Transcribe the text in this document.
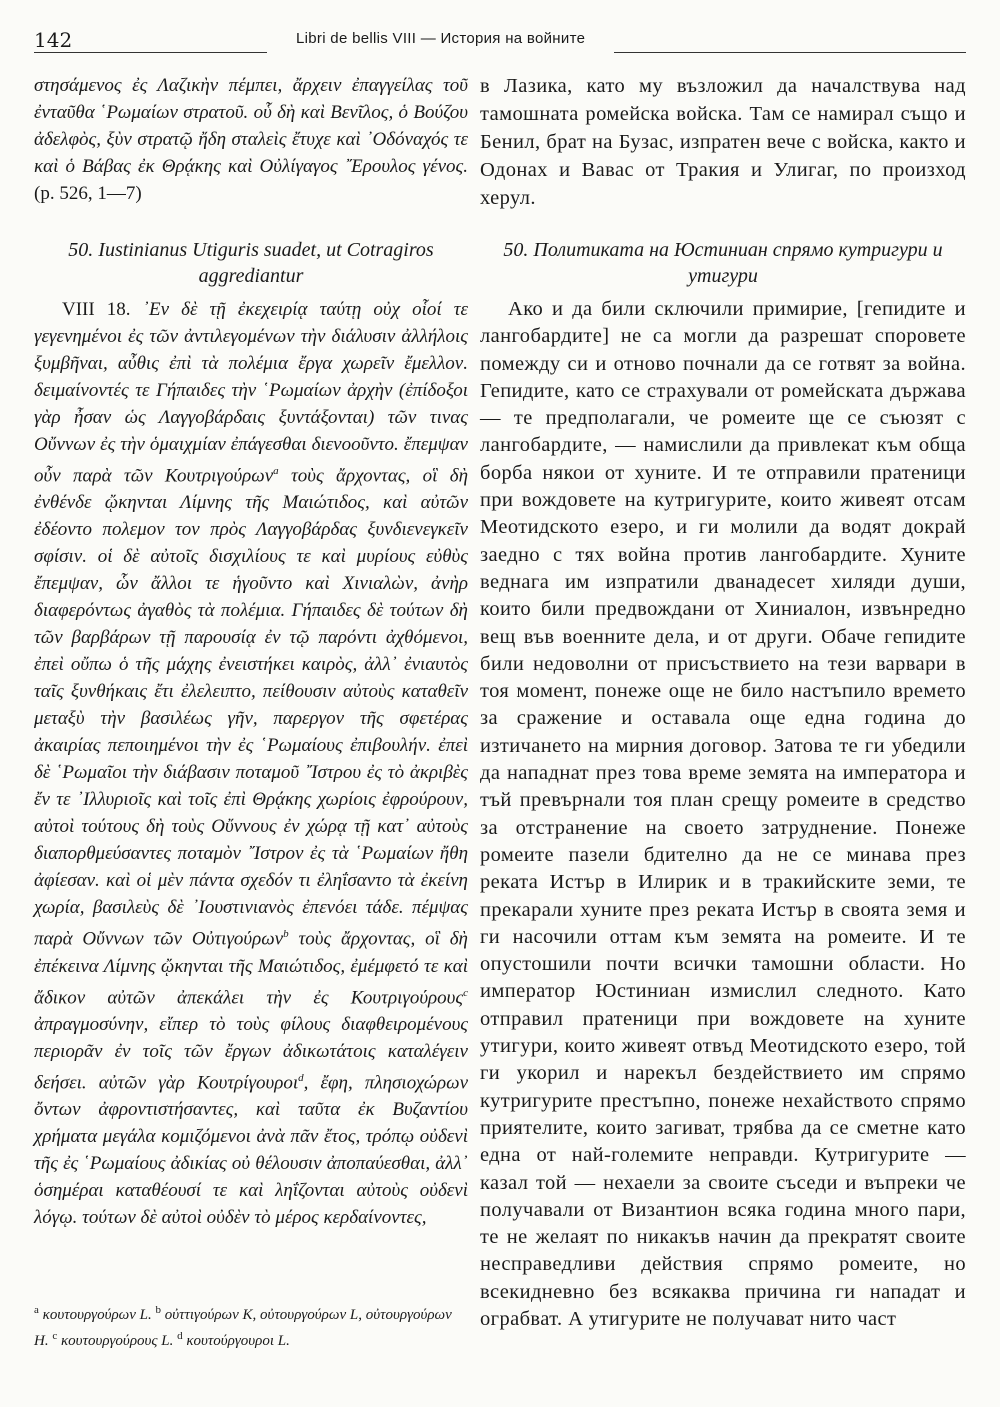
142	Libri de bellis VIII — История на войните

στησάμενος ἐς Λαζικὴν πέμπει, ἄρχειν ἐπαγγείλας τοῦ ἐνταῦθα ῾Ρωμαίων στρατοῦ. οὗ δὴ καὶ Βενῖλος, ὁ Βούζου ἀδελφὸς, ξὺν στρατῷ ἤδη σταλεὶς ἔτυχε καὶ ᾿Οδόναχός τε καὶ ὁ Βάβας ἐκ Θρᾴκης καὶ Οὐλίγαγος ῎Ερουλος γένος. (p. 526, 1—7)

в Лазика, като му възложил да началствува над тамошната ромейска войска. Там се намирал също и Бенил, брат на Бузас, изпратен вече с войска, както и Одонах и Вавас от Тракия и Улигаг, по произход херул.

50. Iustinianus Utiguris suadet, ut Cotragiros aggrediantur

50. Политиката на Юстиниан спрямо кутригури и утигури

VIII 18. ᾿Εν δὲ τῇ ἐκεχειρίᾳ ταύτῃ οὐχ οἷοί τε γεγενημένοι ἐς τῶν ἀντιλεγομένων τὴν διάλυσιν ἀλλήλοις ξυμβῆναι, αὖθις ἐπὶ τὰ πολέμια ἔργα χωρεῖν ἔμελλον. δειμαίνοντές τε Γήπαιδες τὴν ῾Ρωμαίων ἀρχὴν (ἐπίδοξοι γὰρ ἦσαν ὡς Λαγγοβάρδαις ξυντάξονται) τῶν τινας Οὔννων ἐς τὴν ὁμαιχμίαν ἐπάγεσθαι διενοοῦντο. ἔπεμψαν οὖν παρὰ τῶν Κουτριγούρων$^a$ τοὺς ἄρχοντας, οἳ δὴ ἐνθένδε ᾤκηνται Λίμνης τῆς Μαιώτιδος, καὶ αὐτῶν ἐδέοντο πολεμον τον πρὸς Λαγγοβάρδας ξυνδιενεγκεῖν σφίσιν. οἱ δὲ αὐτοῖς δισχιλίους τε καὶ μυρίους εὐθὺς ἔπεμψαν, ὧν ἄλλοι τε ἡγοῦντο καὶ Χινιαλὼν, ἀνὴρ διαφερόντως ἀγαθὸς τὰ πολέμια. Γήπαιδες δὲ τούτων δὴ τῶν βαρβάρων τῇ παρουσίᾳ ἐν τῷ παρόντι ἀχθόμενοι, ἐπεὶ οὔπω ὁ τῆς μάχης ἐνειστήκει καιρὸς, ἀλλ᾿ ἐνιαυτὸς ταῖς ξυνθήκαις ἔτι ἐλελειπτο, πείθουσιν αὐτοὺς καταθεῖν μεταξὺ τὴν βασιλέως γῆν, παρεργον τῆς σφετέρας ἀκαιρίας πεποιημένοι τὴν ἐς ῾Ρωμαίους ἐπιβουλήν. ἐπεὶ δὲ ῾Ρωμαῖοι τὴν διάβασιν ποταμοῦ ῎Ιστρου ἐς τὸ ἀκριβὲς ἔν τε ᾿Ιλλυριοῖς καὶ τοῖς ἐπὶ Θρᾴκης χωρίοις ἐφρούρουν, αὐτοὶ τούτους δὴ τοὺς Οὔννους ἐν χώρᾳ τῇ κατ᾿ αὐτοὺς διαπορθμεύσαντες ποταμὸν ῎Ιστρον ἐς τὰ ῾Ρωμαίων ἤθη ἀφίεσαν. καὶ οἱ μὲν πάντα σχεδόν τι ἐληΐσαντο τὰ ἐκείνη χωρία, βασιλεὺς δὲ ᾿Ιουστινιανὸς ἐπενόει τάδε. πέμψας παρὰ Οὔννων τῶν Οὐτιγούρων$^b$ τοὺς ἄρχοντας, οἳ δὴ ἐπέκεινα Λίμνης ᾤκηνται τῆς Μαιώτιδος, ἐμέμφετό τε καὶ ἄδικον αὐτῶν ἀπεκάλει τὴν ἐς Κουτριγούρους$^c$ ἀπραγμοσύνην, εἴπερ τὸ τοὺς φίλους διαφθειρομένους περιορᾶν ἐν τοῖς τῶν ἔργων ἀδικωτάτοις καταλέγειν δεήσει. αὐτῶν γὰρ Κουτρίγουροι$^d$, ἔφη, πλησιοχώρων ὄντων ἀφροντιστήσαντες, καὶ ταῦτα ἐκ Βυζαντίου χρήματα μεγάλα κομιζόμενοι ἀνὰ πᾶν ἔτος, τρόπῳ οὐδενὶ τῆς ἐς ῾Ρωμαίους ἀδικίας οὐ θέλουσιν ἀποπαύεσθαι, ἀλλ᾿ ὁσημέραι καταθέουσί τε καὶ ληΐζονται αὐτοὺς οὐδενὶ λόγῳ. τούτων δὲ αὐτοὶ οὐδὲν τὸ μέρος κερδαίνοντες,

Ако и да били сключили примирие, [гепидите и лангобардите] не са могли да разрешат споровете помежду си и отново почнали да се готвят за война. Гепидите, като се страхували от ромейската държава — те предполагали, че ромеите ще се съюзят с лангобардите, — намислили да привлекат към обща борба някои от хуните. И те отправили пратеници при вождовете на кутригурите, които живеят отсам Меотидското езеро, и ги молили да водят докрай заедно с тях война против лангобардите. Хуните веднага им изпратили дванадесет хиляди души, които били предвождани от Хиниалон, извънредно вещ във военните дела, и от други. Обаче гепидите били недоволни от присъствието на тези варвари в тоя момент, понеже още не било настъпило времето за сражение и оставала още една година до изтичането на мирния договор. Затова те ги убедили да нападнат през това време земята на императора и тъй превърнали тоя план срещу ромеите в средство за отстранение на своето затруднение. Понеже ромеите пазели бдително да не се минава през реката Истър в Илирик и в тракийските земи, те прекарали хуните през реката Истър в своята земя и ги насочили оттам към земята на ромеите. И те опустошили почти всички тамошни области. Но император Юстиниан измислил следното. Като отправил пратеници при вождовете на хуните утигури, които живеят отвъд Меотидското езеро, той ги укорил и нарекъл бездействието им спрямо кутригурите престъпно, понеже нехайството спрямо приятелите, които загиват, трябва да се сметне като една от най-големите неправди. Кутригурите — казал той — нехаели за своите съседи и въпреки че получавали от Византион всяка година много пари, те не желаят по никакъв начин да прекратят своите несправедливи действия спрямо ромеите, но всекидневно без всякаква причина ги нападат и ограбват. А утигурите не получават нито част

$^a$ κουτουργούρων L. $^b$ οὐττιγούρων K, οὐτουργούρων L, οὐτουργούρων H. $^c$ κουτουργούρους L. $^d$ κουτούργουροι L.
